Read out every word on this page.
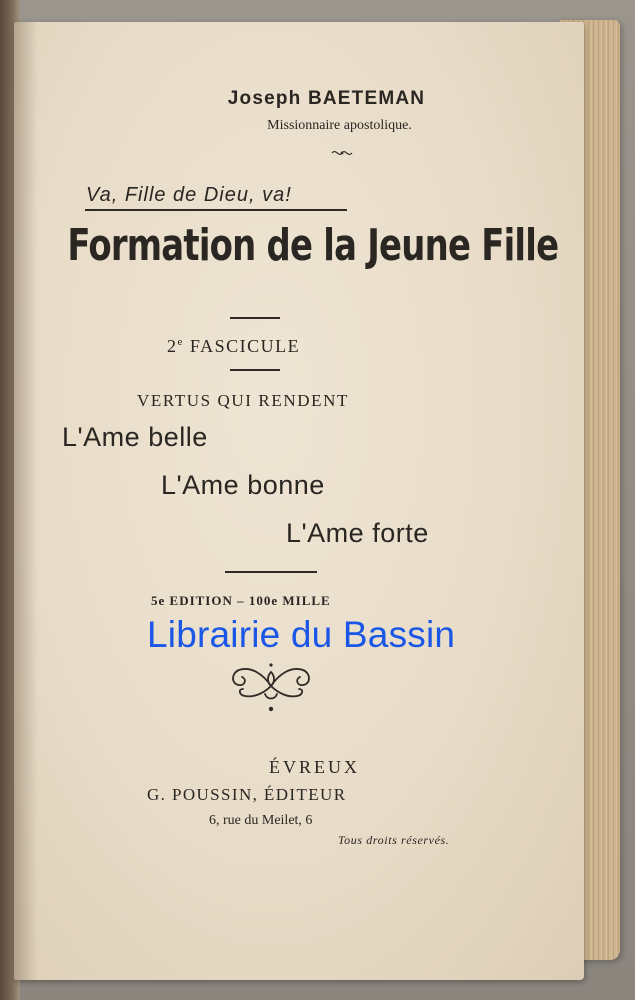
Joseph BAETEMAN
Missionnaire apostolique.
Va, Fille de Dieu, va!
Formation de la Jeune Fille
2e FASCICULE
VERTUS QUI RENDENT
L'Ame belle
L'Ame bonne
L'Ame forte
5e EDITION – 100e MILLE
Librairie du Bassin
ÉVREUX
G. POUSSIN, ÉDITEUR
6, rue du Meilet, 6
Tous droits réservés.
